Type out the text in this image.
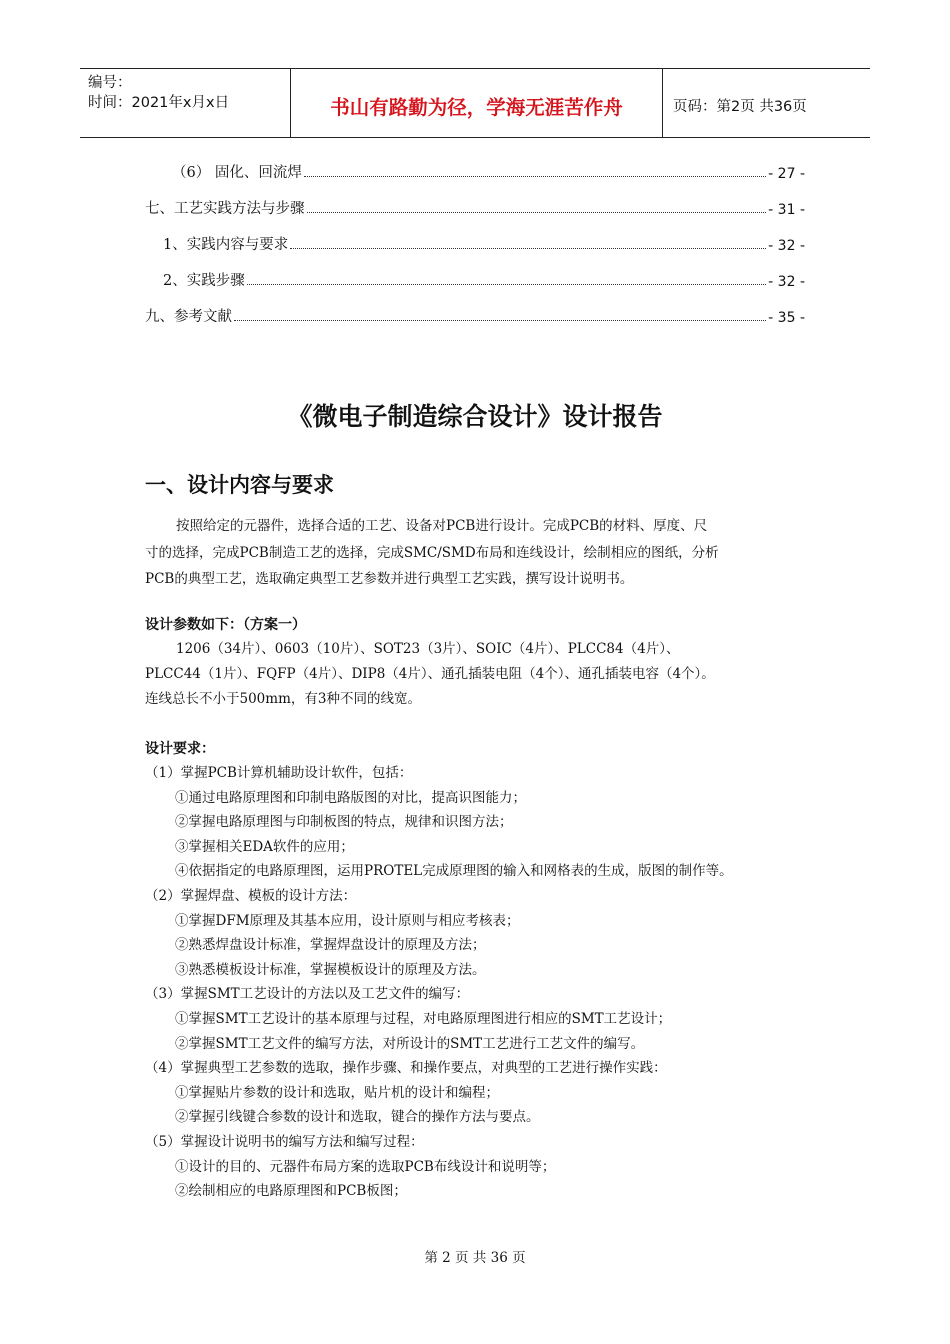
编号：
时间：2021年x月x日	书山有路勤为径，学海无涯苦作舟	页码：第2页 共36页
（6） 固化、回流焊	- 27 -
七、工艺实践方法与步骤	- 31 -
1、实践内容与要求	- 32 -
2、实践步骤	- 32 -
九、参考文献	- 35 -
《微电子制造综合设计》设计报告
一、设计内容与要求
按照给定的元器件，选择合适的工艺、设备对PCB进行设计。完成PCB的材料、厚度、尺
寸的选择，完成PCB制造工艺的选择，完成SMC/SMD布局和连线设计，绘制相应的图纸，分析
PCB的典型工艺，选取确定典型工艺参数并进行典型工艺实践，撰写设计说明书。
设计参数如下：（方案一）
1206（34片）、0603（10片）、SOT23（3片）、SOIC（4片）、PLCC84（4片）、
PLCC44（1片）、FQFP（4片）、DIP8（4片）、通孔插装电阻（4个）、通孔插装电容（4个）。
连线总长不小于500mm，有3种不同的线宽。
设计要求：
（1）掌握PCB计算机辅助设计软件，包括：
①通过电路原理图和印制电路版图的对比，提高识图能力；
②掌握电路原理图与印制板图的特点，规律和识图方法；
③掌握相关EDA软件的应用；
④依据指定的电路原理图，运用PROTEL完成原理图的输入和网格表的生成，版图的制作等。
（2）掌握焊盘、模板的设计方法：
①掌握DFM原理及其基本应用，设计原则与相应考核表；
②熟悉焊盘设计标准，掌握焊盘设计的原理及方法；
③熟悉模板设计标准，掌握模板设计的原理及方法。
（3）掌握SMT工艺设计的方法以及工艺文件的编写：
①掌握SMT工艺设计的基本原理与过程，对电路原理图进行相应的SMT工艺设计；
②掌握SMT工艺文件的编写方法，对所设计的SMT工艺进行工艺文件的编写。
（4）掌握典型工艺参数的选取，操作步骤、和操作要点，对典型的工艺进行操作实践：
①掌握贴片参数的设计和选取，贴片机的设计和编程；
②掌握引线键合参数的设计和选取，键合的操作方法与要点。
（5）掌握设计说明书的编写方法和编写过程：
①设计的目的、元器件布局方案的选取PCB布线设计和说明等；
②绘制相应的电路原理图和PCB板图；
第 2 页 共 36 页
